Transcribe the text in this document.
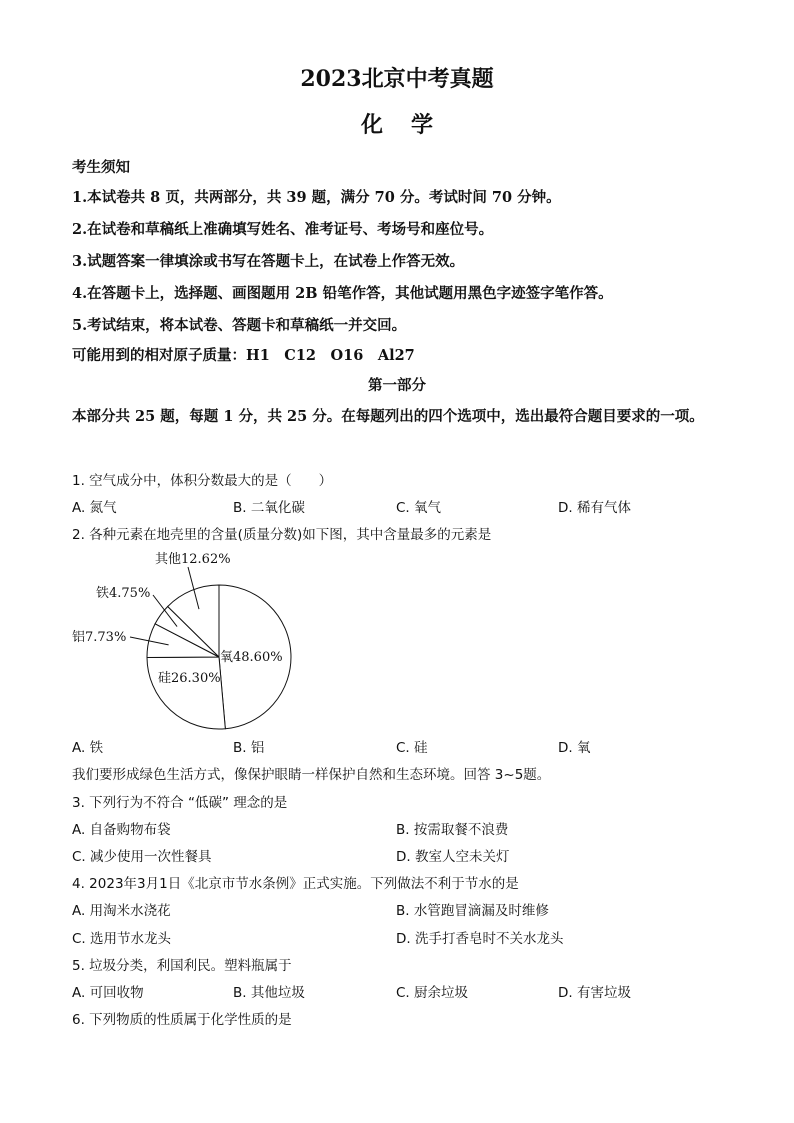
2023北京中考真题
化学
考生须知
1.本试卷共 8 页，共两部分，共 39 题，满分 70 分。考试时间 70 分钟。
2.在试卷和草稿纸上准确填写姓名、准考证号、考场号和座位号。
3.试题答案一律填涂或书写在答题卡上，在试卷上作答无效。
4.在答题卡上，选择题、画图题用 2B 铅笔作答，其他试题用黑色字迹签字笔作答。
5.考试结束，将本试卷、答题卡和草稿纸一并交回。
可能用到的相对原子质量：H1　C12　O16　Al27
第一部分
本部分共 25 题，每题 1 分，共 25 分。在每题列出的四个选项中，选出最符合题目要求的一项。
1. 空气成分中，体积分数最大的是（　　）
A. 氮气	B. 二氧化碳	C. 氧气	D. 稀有气体
2. 各种元素在地壳里的含量(质量分数)如下图，其中含量最多的元素是
氧48.60%
硅26.30%
铝7.73%
铁4.75%
其他12.62%
A. 铁	B. 铝	C. 硅	D. 氧
我们要形成绿色生活方式，像保护眼睛一样保护自然和生态环境。回答 3~5题。
3. 下列行为不符合 “低碳” 理念的是
A. 自备购物布袋	B. 按需取餐不浪费
C. 减少使用一次性餐具	D. 教室人空未关灯
4. 2023年3月1日《北京市节水条例》正式实施。下列做法不利于节水的是
A. 用淘米水浇花	B. 水管跑冒滴漏及时维修
C. 选用节水龙头	D. 洗手打香皂时不关水龙头
5. 垃圾分类，利国利民。塑料瓶属于
A. 可回收物	B. 其他垃圾	C. 厨余垃圾	D. 有害垃圾
6. 下列物质的性质属于化学性质的是
